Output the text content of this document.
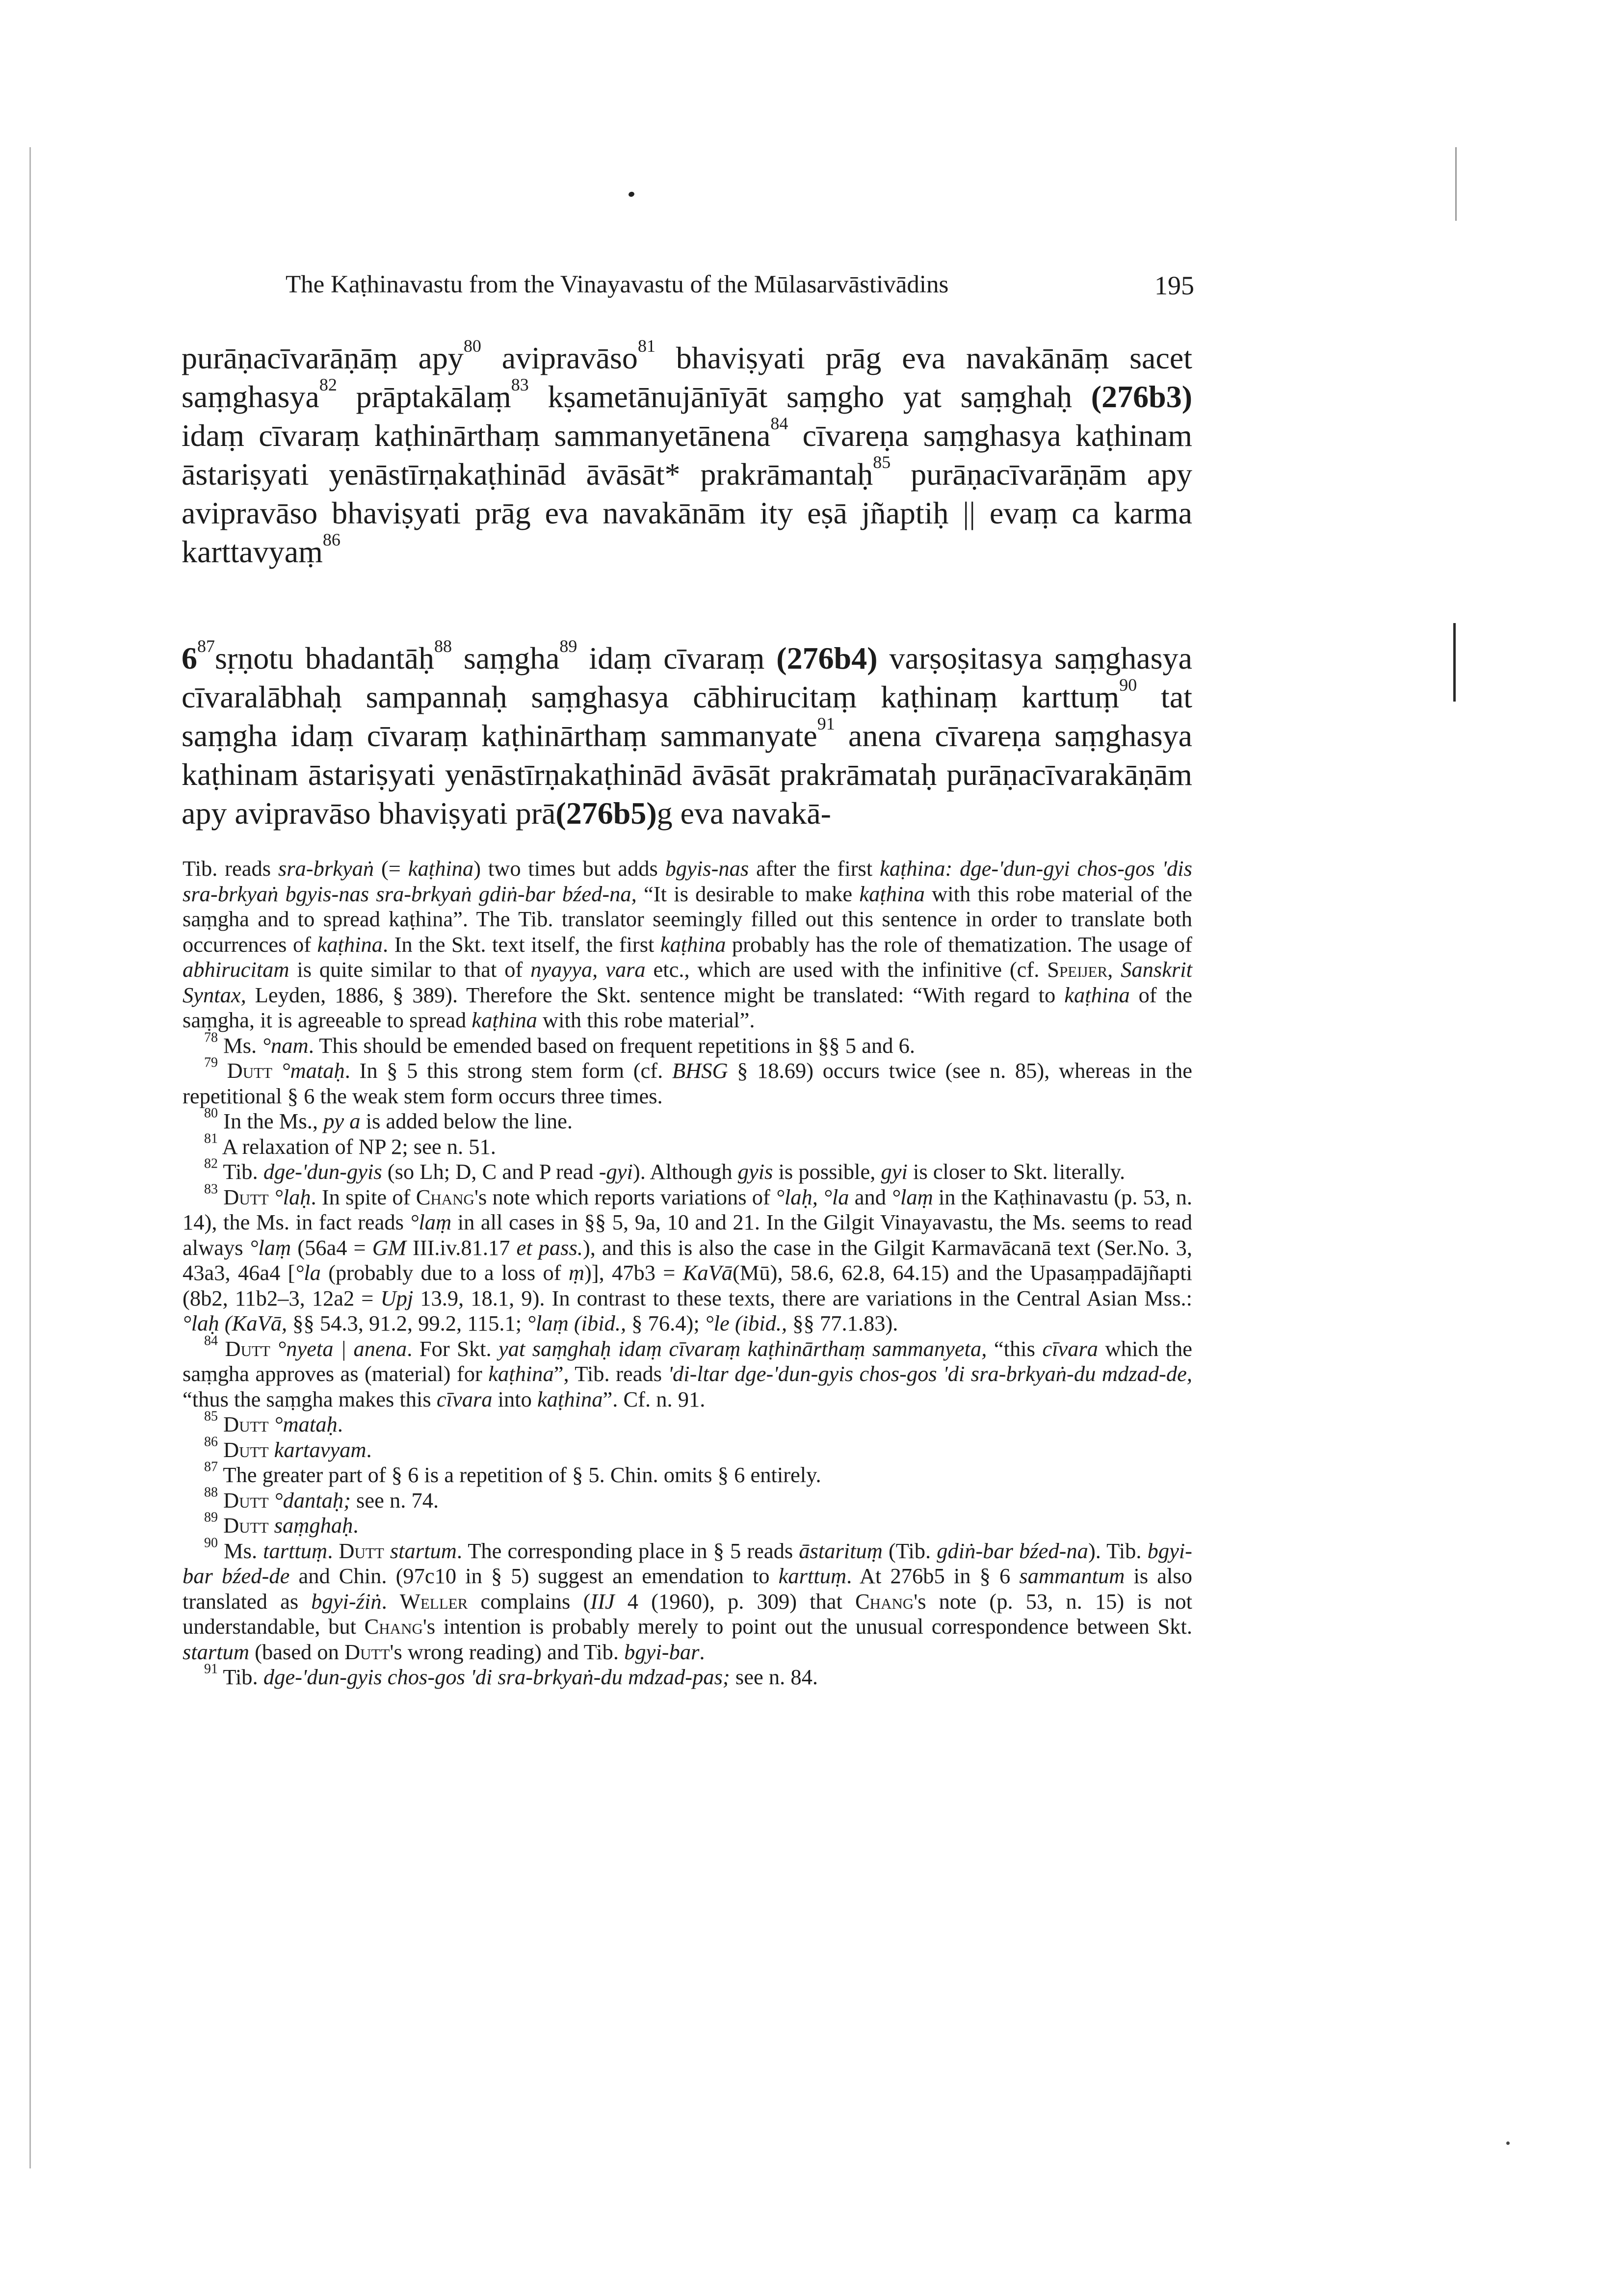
The Kaṭhinavastu from the Vinayavastu of the Mūlasarvāstivādins	195

purāṇacīvarāṇāṃ apy$^{80}$ avipravāso$^{81}$ bhaviṣyati prāg eva navakānāṃ sacet saṃghasya$^{82}$ prāptakālaṃ$^{83}$ kṣametānujānīyāt saṃgho yat saṃghaḥ (276b3) idaṃ cīvaraṃ kaṭhinārthaṃ sammanyetānena$^{84}$ cīvareṇa saṃghasya kaṭhinam āstariṣyati yenāstīrṇakaṭhinād āvāsāt* prakrāmantaḥ$^{85}$ purāṇacīvarāṇām apy avipravāso bhaviṣyati prāg eva navakānām ity eṣā jñaptiḥ || evaṃ ca karma karttavyaṃ$^{86}$

$6^{87}sṛṇotu$ bhadantāḥ$^{88}$ saṃgha$^{89}$ idaṃ cīvaraṃ (276b4) varṣoṣitasya saṃghasya cīvaralābhaḥ sampannaḥ saṃghasya cābhirucitaṃ kaṭhinaṃ karttuṃ$^{90}$ tat saṃgha idaṃ cīvaraṃ kaṭhinārthaṃ sammanyate$^{91}$ anena cīvareṇa saṃghasya kaṭhinam āstariṣyati yenāstīrṇakaṭhinād āvāsāt prakrāmataḥ purāṇacīvarakāṇām apy avipravāso bhaviṣyati prā(276b5)g eva navakā-

Tib. reads sra-brkyaṅ (= kaṭhina) two times but adds bgyis-nas after the first kaṭhina: dge-'dun-gyi chos-gos 'dis sra-brkyaṅ bgyis-nas sra-brkyaṅ gdiṅ-bar bźed-na, “It is desirable to make kaṭhina with this robe material of the saṃgha and to spread kaṭhina”. The Tib. translator seemingly filled out this sentence in order to translate both occurrences of kaṭhina. In the Skt. text itself, the first kaṭhina probably has the role of thematization. The usage of abhirucitam is quite similar to that of nyayya, vara etc., which are used with the infinitive (cf. Speijer, Sanskrit Syntax, Leyden, 1886, § 389). Therefore the Skt. sentence might be translated: “With regard to kaṭhina of the saṃgha, it is agreeable to spread kaṭhina with this robe material”.

$^{78}$ Ms. °nam. This should be emended based on frequent repetitions in §§ 5 and 6.

$^{79}$ Dutt °mataḥ. In § 5 this strong stem form (cf. BHSG § 18.69) occurs twice (see n. 85), whereas in the repetitional § 6 the weak stem form occurs three times.

$^{80}$ In the Ms., py a is added below the line.

$^{81}$ A relaxation of NP 2; see n. 51.

$^{82}$ Tib. dge-'dun-gyis (so Lh; D, C and P read -gyi). Although gyis is possible, gyi is closer to Skt. literally.

$^{83}$ Dutt °laḥ. In spite of Chang's note which reports variations of °laḥ, °la and °laṃ in the Kaṭhinavastu (p. 53, n. 14), the Ms. in fact reads °laṃ in all cases in §§ 5, 9a, 10 and 21. In the Gilgit Vinayavastu, the Ms. seems to read always °laṃ (56a4 = GM III.iv.81.17 et pass.), and this is also the case in the Gilgit Karmavācanā text (Ser.No. 3, 43a3, 46a4 [°la (probably due to a loss of ṃ)], 47b3 = KaVā(Mū), 58.6, 62.8, 64.15) and the Upasaṃpadājñapti (8b2, 11b2–3, 12a2 = Upj 13.9, 18.1, 9). In contrast to these texts, there are variations in the Central Asian Mss.: °laḥ (KaVā, §§ 54.3, 91.2, 99.2, 115.1; °laṃ (ibid., § 76.4); °le (ibid., §§ 77.1.83).

$^{84}$ Dutt °nyeta | anena. For Skt. yat saṃghaḥ idaṃ cīvaraṃ kaṭhinārthaṃ sammanyeta, “this cīvara which the saṃgha approves as (material) for kaṭhina”, Tib. reads 'di-ltar dge-'dun-gyis chos-gos 'di sra-brkyaṅ-du mdzad-de, “thus the saṃgha makes this cīvara into kaṭhina”. Cf. n. 91.

$^{85}$ Dutt °mataḥ.

$^{86}$ Dutt kartavyam.

$^{87}$ The greater part of § 6 is a repetition of § 5. Chin. omits § 6 entirely.

$^{88}$ Dutt °dantaḥ; see n. 74.

$^{89}$ Dutt saṃghaḥ.

$^{90}$ Ms. tarttuṃ. Dutt startum. The corresponding place in § 5 reads āstarituṃ (Tib. gdiṅ-bar bźed-na). Tib. bgyi-bar bźed-de and Chin. (97c10 in § 5) suggest an emendation to karttuṃ. At 276b5 in § 6 sammantum is also translated as bgyi-źiṅ. Weller complains (IIJ 4 (1960), p. 309) that Chang's note (p. 53, n. 15) is not understandable, but Chang's intention is probably merely to point out the unusual correspondence between Skt. startum (based on Dutt's wrong reading) and Tib. bgyi-bar.

$^{91}$ Tib. dge-'dun-gyis chos-gos 'di sra-brkyaṅ-du mdzad-pas; see n. 84.
